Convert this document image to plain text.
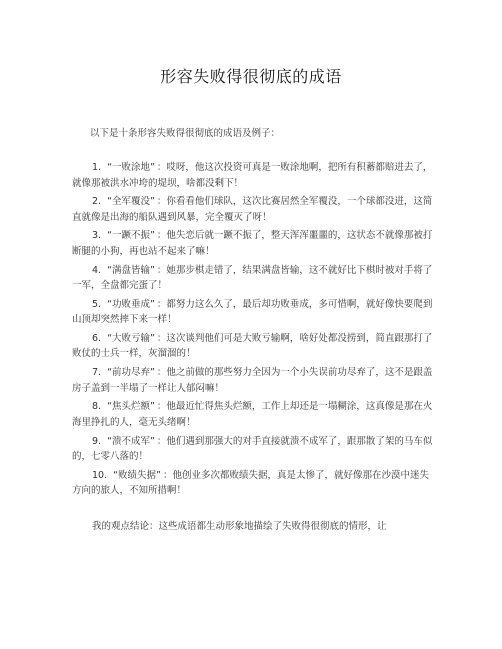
形容失败得很彻底的成语
以下是十条形容失败得很彻底的成语及例子：
1. “一败涂地” ：哎呀，他这次投资可真是一败涂地啊，把所有积蓄都赔进去了，就像那被洪水冲垮的堤坝，啥都没剩下！
2. “全军覆没” ：你看看他们球队，这次比赛居然全军覆没，一个球都没进，这简直就像是出海的船队遇到风暴，完全覆灭了呀！
3. “一蹶不振” ：他失恋后就一蹶不振了，整天浑浑噩噩的，这状态不就像那被打断腿的小狗，再也站不起来了嘛！
4. “满盘皆输” ：她那步棋走错了，结果满盘皆输，这不就好比下棋时被对手将了一军，全盘都完蛋了！
5. “功败垂成” ：都努力这么久了，最后却功败垂成，多可惜啊，就好像快要爬到山顶却突然摔下来一样！
6. “大败亏输” ：这次谈判他们可是大败亏输啊，啥好处都没捞到，简直跟那打了败仗的士兵一样，灰溜溜的！
7. “前功尽弃” ：他之前做的那些努力全因为一个小失误前功尽弃了，这不是跟盖房子盖到一半塌了一样让人郁闷嘛！
8. “焦头烂额” ：他最近忙得焦头烂额，工作上却还是一塌糊涂，这真像是那在火海里挣扎的人，毫无头绪啊！
9. “溃不成军” ：他们遇到那强大的对手直接就溃不成军了，跟那散了架的马车似的，七零八落的！
10. “败绩失据” ：他创业多次都败绩失据，真是太惨了，就好像那在沙漠中迷失方向的旅人，不知所措啊！
我的观点结论：这些成语都生动形象地描绘了失败得很彻底的情形，让
